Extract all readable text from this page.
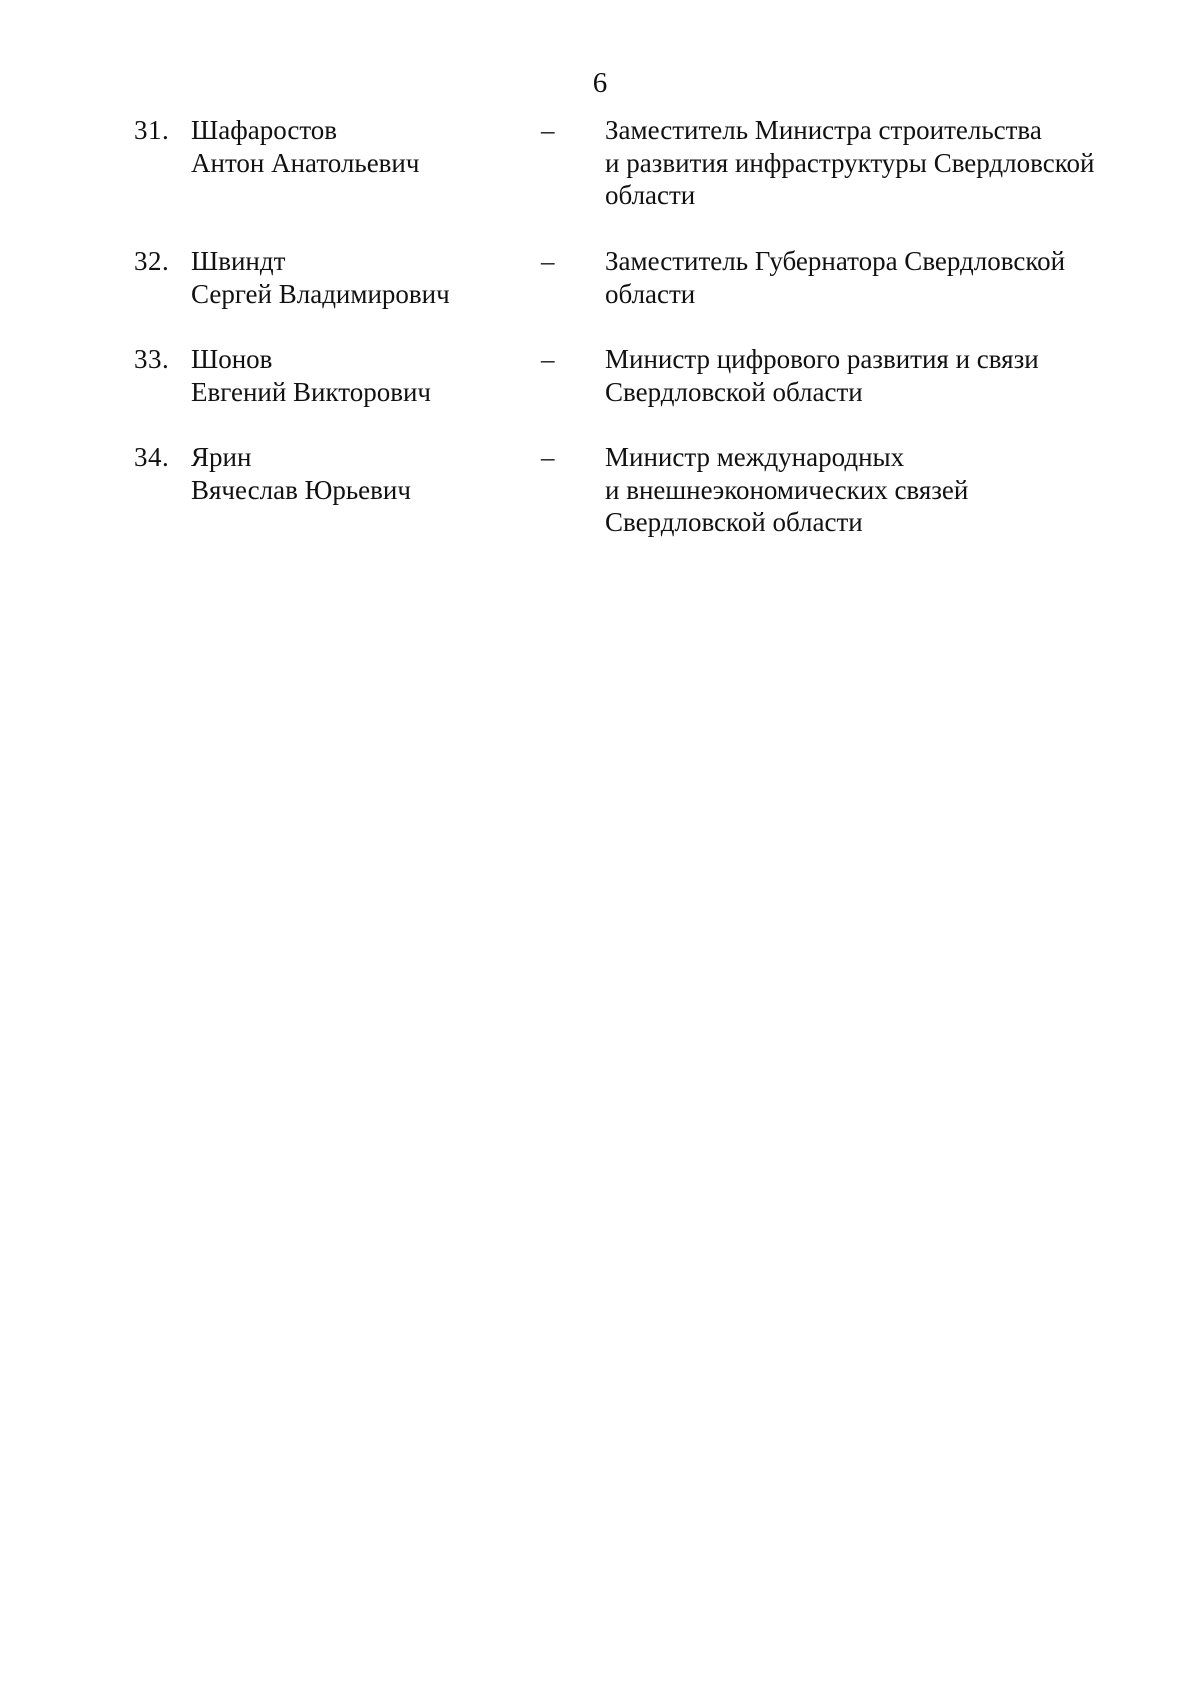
6
31. Шафаростов
Антон Анатольевич
– Заместитель Министра строительства
и развития инфраструктуры Свердловской
области
32. Швиндт
Сергей Владимирович
– Заместитель Губернатора Свердловской
области
33. Шонов
Евгений Викторович
– Министр цифрового развития и связи
Свердловской области
34. Ярин
Вячеслав Юрьевич
– Министр международных
и внешнеэкономических связей
Свердловской области
